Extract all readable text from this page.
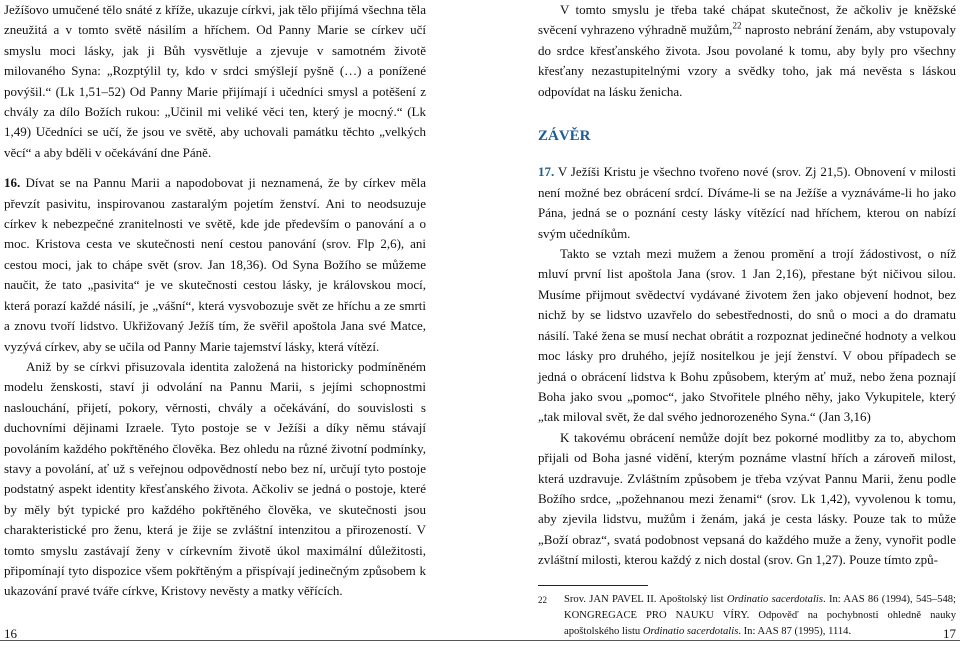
Ježíšovo umučené tělo snáté z kříže, ukazuje církvi, jak tělo přijímá všechna těla zneužitá a v tomto světě násilím a hříchem. Od Panny Marie se církev učí smyslu moci lásky, jak ji Bůh vysvětluje a zjevuje v samotném životě milovaného Syna: „Rozptýlil ty, kdo v srdci smýšlejí pyšně (…) a ponížené povýšil.“ (Lk 1,51–52) Od Panny Marie přijímají i učedníci smysl a potěšení z chvály za dílo Božích rukou: „Učinil mi veliké věci ten, který je mocný.“ (Lk 1,49) Učedníci se učí, že jsou ve světě, aby uchovali památku těchto „velkých věcí“ a aby bděli v očekávání dne Páně.

16. Dívat se na Pannu Marii a napodobovat ji neznamená, že by církev měla převzít pasivitu, inspirovanou zastaralým pojetím ženství. Ani to neodsuzuje církev k nebezpečné zranitelnosti ve světě, kde jde především o panování a o moc. Kristova cesta ve skutečnosti není cestou panování (srov. Flp 2,6), ani cestou moci, jak to chápe svět (srov. Jan 18,36). Od Syna Božího se můžeme naučit, že tato „pasivita“ je ve skutečnosti cestou lásky, je královskou mocí, která porazí každé násilí, je „vášní“, která vysvobozuje svět ze hříchu a ze smrti a znovu tvoří lidstvo. Ukřižovaný Ježíš tím, že svěřil apoštola Jana své Matce, vyzývá církev, aby se učila od Panny Marie tajemství lásky, která vítězí.

Aniž by se církvi přisuzovala identita založená na historicky podmíněném modelu ženskosti, staví ji odvolání na Pannu Marii, s jejími schopnostmi naslouchání, přijetí, pokory, věrnosti, chvály a očekávání, do souvislosti s duchovními dějinami Izraele. Tyto postoje se v Ježíši a díky němu stávají povoláním každého pokřtěného člověka. Bez ohledu na různé životní podmínky, stavy a povolání, ať už s veřejnou odpovědností nebo bez ní, určují tyto postoje podstatný aspekt identity křesťanského života. Ačkoliv se jedná o postoje, které by měly být typické pro každého pokřtěného člověka, ve skutečnosti jsou charakteristické pro ženu, která je žije se zvláštní intenzitou a přirozeností. V tomto smyslu zastávají ženy v církevním životě úkol maximální důležitosti, připomínají tyto dispozice všem pokřtěným a přispívají jedinečným způsobem k ukazování pravé tváře církve, Kristovy nevěsty a matky věřících.

V tomto smyslu je třeba také chápat skutečnost, že ačkoliv je kněžské svěcení vyhrazeno výhradně mužům,$^{22}$ naprosto nebrání ženám, aby vstupovaly do srdce křesťanského života. Jsou povolané k tomu, aby byly pro všechny křesťany nezastupitelnými vzory a svědky toho, jak má nevěsta s láskou odpovídat na lásku ženicha.

ZÁVĚR

17. V Ježíši Kristu je všechno tvořeno nové (srov. Zj 21,5). Obnovení v milosti není možné bez obrácení srdcí. Díváme-li se na Ježíše a vyznáváme-li ho jako Pána, jedná se o poznání cesty lásky vítězící nad hříchem, kterou on nabízí svým učedníkům.

Takto se vztah mezi mužem a ženou promění a trojí žádostivost, o níž mluví první list apoštola Jana (srov. 1 Jan 2,16), přestane být ničivou silou. Musíme přijmout svědectví vydávané životem žen jako objevení hodnot, bez nichž by se lidstvo uzavřelo do sebestřednosti, do snů o moci a do dramatu násilí. Také žena se musí nechat obrátit a rozpoznat jedinečné hodnoty a velkou moc lásky pro druhého, jejíž nositelkou je její ženství. V obou případech se jedná o obrácení lidstva k Bohu způsobem, kterým ať muž, nebo žena poznají Boha jako svou „pomoc“, jako Stvořitele plného něhy, jako Vykupitele, který „tak miloval svět, že dal svého jednorozeného Syna.“ (Jan 3,16)

K takovému obrácení nemůže dojít bez pokorné modlitby za to, abychom přijali od Boha jasné vidění, kterým poznáme vlastní hřích a zároveň milost, která uzdravuje. Zvláštním způsobem je třeba vzývat Pannu Marii, ženu podle Božího srdce, „požehnanou mezi ženami“ (srov. Lk 1,42), vyvolenou k tomu, aby zjevila lidstvu, mužům i ženám, jaká je cesta lásky. Pouze tak to může „Boží obraz“, svatá podobnost vepsaná do každého muže a ženy, vynořit podle zvláštní milosti, kterou každý z nich dostal (srov. Gn 1,27). Pouze tímto způ-

22	Srov. JAN PAVEL II. Apoštolský list Ordinatio sacerdotalis. In: AAS 86 (1994), 545–548; KONGREGACE PRO NAUKU VÍRY. Odpověď na pochybnosti ohledně nauky apoštolského listu Ordinatio sacerdotalis. In: AAS 87 (1995), 1114.
16	17
